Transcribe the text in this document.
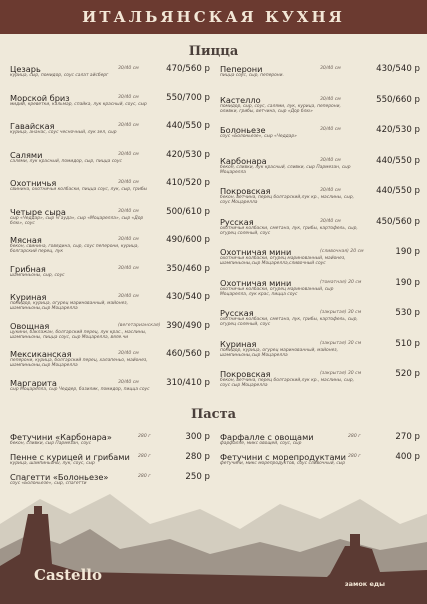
ИТАЛЬЯНСКАЯ КУХНЯ
Пицца
Цезарь	30/40 см	470/560 р
курица, сыр, помидор, соус салат айсберг
Морской бриз	30/40 см	550/700 р
мидии, креветки, кальмар, спайка, лук красный, соус, сыр
Гавайская	30/40 см	440/550 р
курица, ананас, соус чесночный, лук зел, сыр
Салями	30/40 см	420/530 р
салями, лук красный, помидор, сыр, пицца соус
Охотничья	30/40 см	410/520 р
свинина, охотничьи колбаски, пицца соус, лук, сыр, грибы
Четыре сыра	30/40 см	500/610 р
сыр «Чеддар», сыр «Гауда», сыр «Моцарелла», сыр «Дор блю», соус
Мясная	30/40 см	490/600 р
бекон, свинина, говядина, сыр, соус пеперони, курица, болгарский перец, лук
Грибная	30/40 см	350/460 р
шампиньоны, сыр, соус
Куриная	30/40 см	430/540 р
помидор, курица, огурец маринованный, майонез, шампиньоны,сыр Моцарелла
Овощная	(вегетарианская) 390/490 р
цукини, баклажан, болгарский перец, лук крас., маслины, шампиньоны, пицца соус, сыр Моцарелла, вяле.чи
Мексиканская	30/40 см	460/560 р
пеперони, курица, болгарский перец, халапеньо, майонез, шампиньоны,сыр Моцарелла
Маргарита	30/40 см	310/410 р
сыр Моцарелла, сыр Чеддер, базилик, помидор, пицца соус
Пеперони	30/40 см	430/540 р
пицца соус, сыр, пеперони.
Кастелло	30/40 см	550/660 р
помидор, сыр, соус, салями, лук, курица, пеперони, оливки, грибы, ветчина, сыр «Дор блю»
Болоньезе	30/40 см	420/530 р
соус «Болоньезе», сыр «Чеддар»
Карбонара	30/40 см	440/550 р
бекон, сливки, лук красный, сливки, сыр Пармезан, сыр Моцарелла
Покровская	30/40 см	440/550 р
бекон, ветчина, перец болгарский,лук кр., маслины, сыр, соус Моцарелла
Русская	30/40 см	450/560 р
охотничьи колбаски, сметана, лук, грибы, картофель, сыр, огурец соленый, соус
Охотничая мини	(сливочная) 20 см	190 р
охотничьи колбаски, огурец маринованный, майонез, шампиньоны,сыр Моцарелла,сливочный соус
Охотничая мини	(томатная) 20 см	190 р
охотничьи колбаски, огурец маринованный, сыр Моцарелла, лук крас, пицца соус
Русская	(закрытая) 30 см	530 р
охотничьи колбаски, сметана, лук, грибы, картофель, сыр, огурец соленый, соус
Куриная	(закрытая) 30 см	510 р
помидор, курица, огурец маринованный, майонез, шампиньоны,сыр Моцарелла
Покровская	(закрытая) 30 см	520 р
бекон, ветчина, перец болгарский,лук кр., маслины, сыр, соус сыр Моцарелла
Паста
Фетучини «Карбонара»	280 г	300 р
бекон, сливки, сыр Пармезан, соус
Пенне с курицей и грибами 280 г	280 р
курица, шампиньоны, лук, соус, сыр
Спагетти «Болоньезе»	280 г	250 р
соус «Болоньезе», сыр, спагетти
Фарфалле с овощами	280 г	270 р
фарфалле, микс овощей, соус, сыр
Фетучини с морепродуктами 280 г	400 р
фетучини, микс морепродуктов, соус сливочный, сыр
Castello	замок еды
